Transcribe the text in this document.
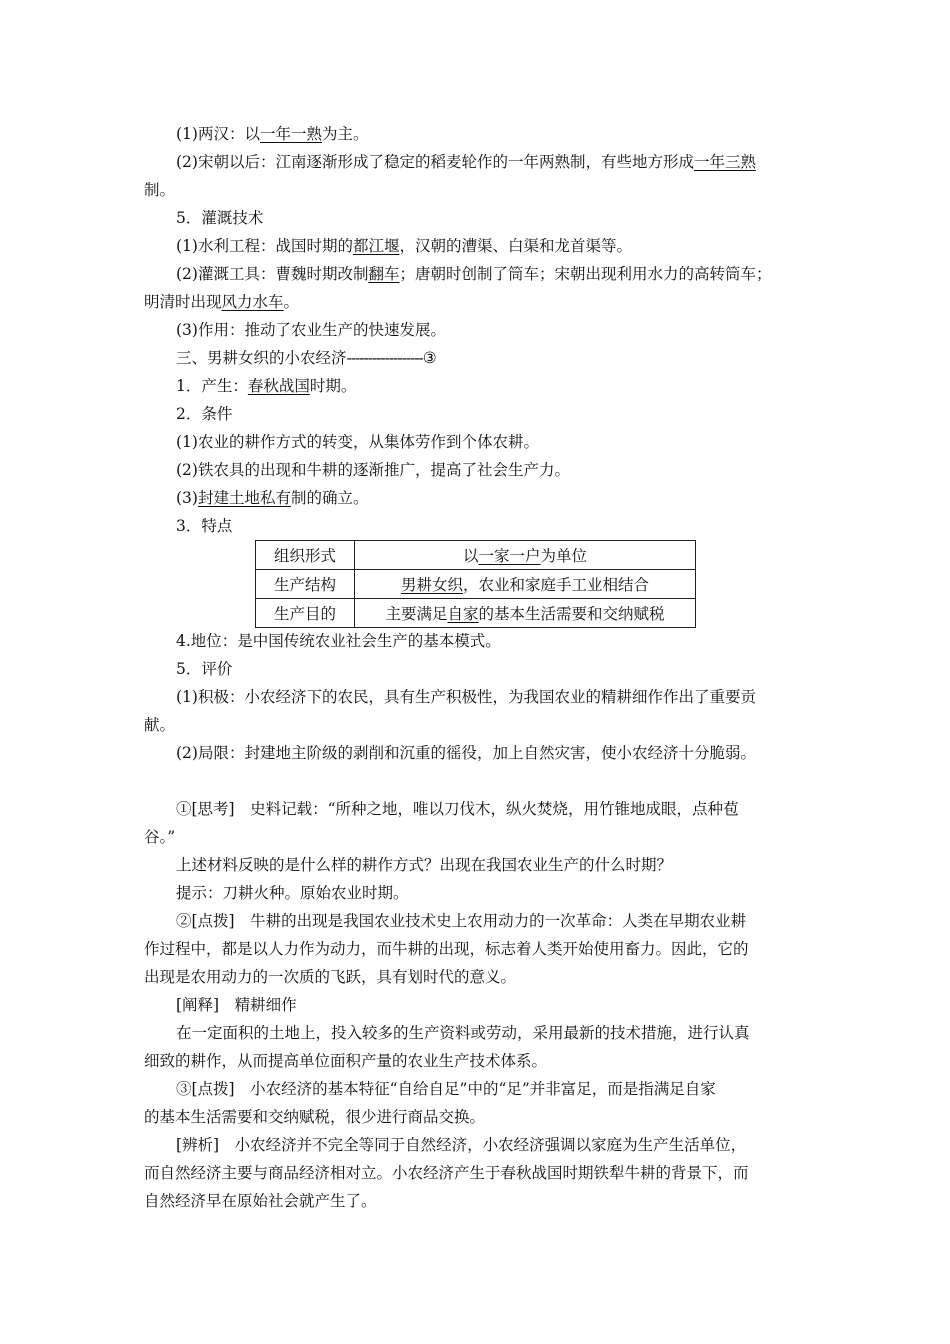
(1)两汉：以一年一熟为主。
(2)宋朝以后：江南逐渐形成了稳定的稻麦轮作的一年两熟制，有些地方形成一年三熟
制。
5．灌溉技术
(1)水利工程：战国时期的都江堰，汉朝的漕渠、白渠和龙首渠等。
(2)灌溉工具：曹魏时期改制翻车；唐朝时创制了筒车；宋朝出现利用水力的高转筒车；
明清时出现风力水车。
(3)作用：推动了农业生产的快速发展。
三、男耕女织的小农经济------------------③
1．产生：春秋战国时期。
2．条件
(1)农业的耕作方式的转变，从集体劳作到个体农耕。
(2)铁农具的出现和牛耕的逐渐推广，提高了社会生产力。
(3)封建土地私有制的确立。
3．特点
组织形式	以一家一户为单位
生产结构	男耕女织，农业和家庭手工业相结合
生产目的	主要满足自家的基本生活需要和交纳赋税
4.地位：是中国传统农业社会生产的基本模式。
5．评价
(1)积极：小农经济下的农民，具有生产积极性，为我国农业的精耕细作作出了重要贡
献。
(2)局限：封建地主阶级的剥削和沉重的徭役，加上自然灾害，使小农经济十分脆弱。
①[思考]　史料记载：“所种之地，唯以刀伐木，纵火焚烧，用竹锥地成眼，点种苞
谷。”
上述材料反映的是什么样的耕作方式？出现在我国农业生产的什么时期？
提示：刀耕火种。原始农业时期。
②[点拨]　牛耕的出现是我国农业技术史上农用动力的一次革命：人类在早期农业耕
作过程中，都是以人力作为动力，而牛耕的出现，标志着人类开始使用畜力。因此，它的
出现是农用动力的一次质的飞跃，具有划时代的意义。
[阐释]　精耕细作
在一定面积的土地上，投入较多的生产资料或劳动，采用最新的技术措施，进行认真
细致的耕作，从而提高单位面积产量的农业生产技术体系。
③[点拨]　小农经济的基本特征“自给自足”中的“足”并非富足，而是指满足自家
的基本生活需要和交纳赋税，很少进行商品交换。
[辨析]　小农经济并不完全等同于自然经济，小农经济强调以家庭为生产生活单位，
而自然经济主要与商品经济相对立。小农经济产生于春秋战国时期铁犁牛耕的背景下，而
自然经济早在原始社会就产生了。
